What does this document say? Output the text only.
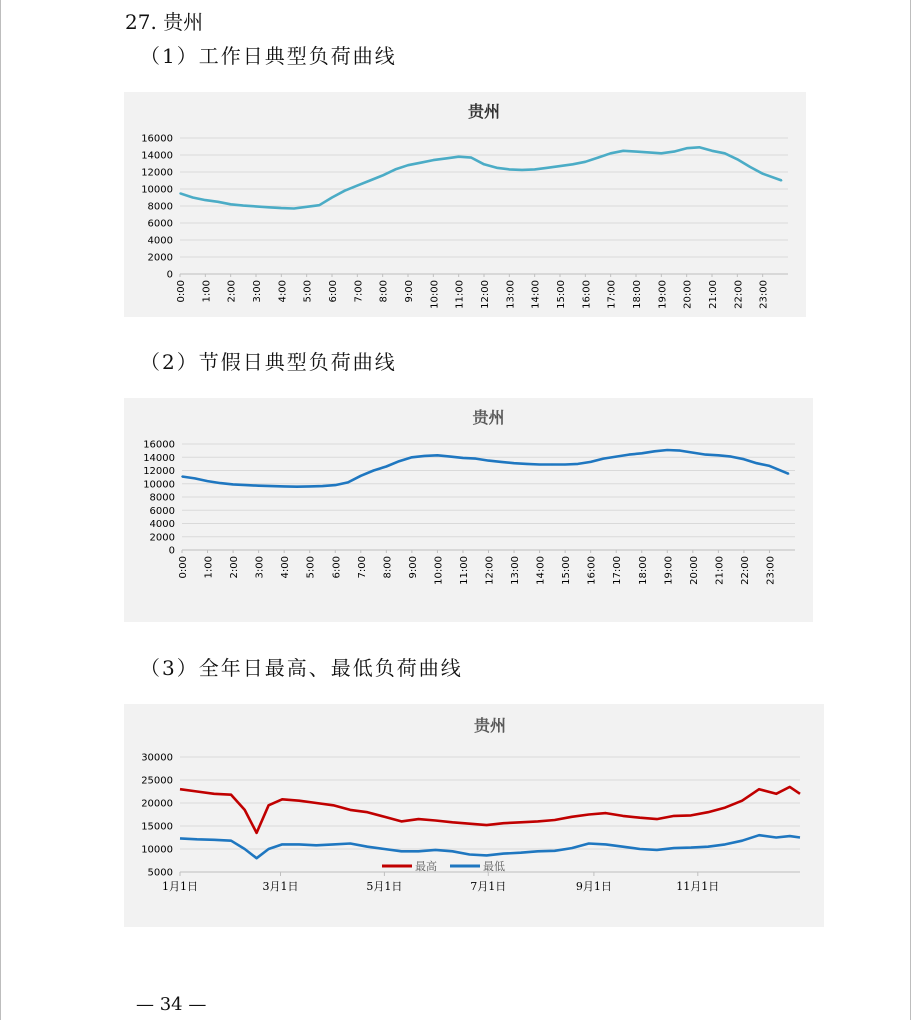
27. 贵州
（1）工作日典型负荷曲线
（2）节假日典型负荷曲线
（3）全年日最高、最低负荷曲线
贵州
0
2000
4000
6000
8000
10000
12000
14000
16000
0:00 1:00 2:00 3:00 4:00 5:00 6:00 7:00 8:00 9:00 10:00 11:00 12:00 13:00 14:00 15:00 16:00 17:00 18:00 19:00 20:00 21:00 22:00 23:00
贵州
0
2000
4000
6000
8000
10000
12000
14000
16000
0:00 1:00 2:00 3:00 4:00 5:00 6:00 7:00 8:00 9:00 10:00 11:00 12:00 13:00 14:00 15:00 16:00 17:00 18:00 19:00 20:00 21:00 22:00 23:00
贵州
5000
10000
15000
20000
25000
30000
1月1日	3月1日	5月1日	7月1日	9月1日	11月1日
最高	最低
— 34 —
